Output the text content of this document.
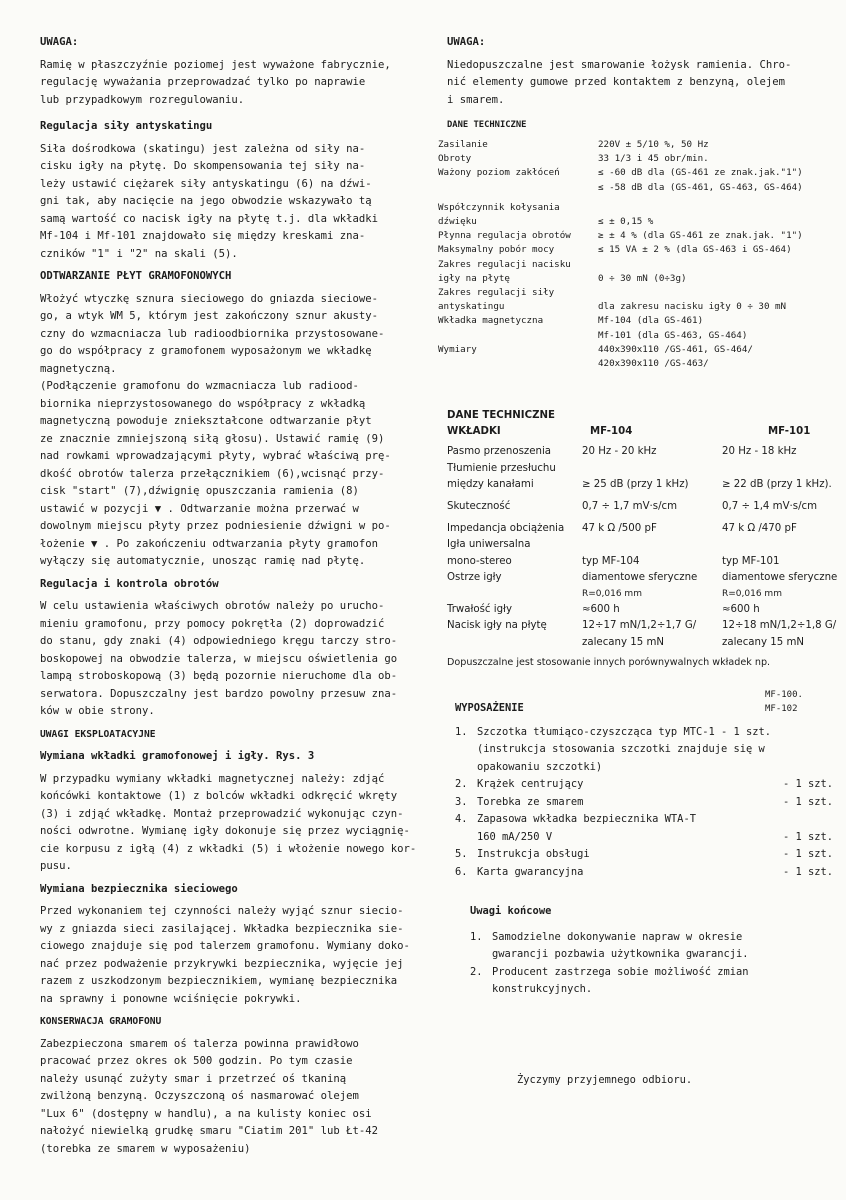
UWAGA:
Ramię w płaszczyźnie poziomej jest wyważone fabrycznie,
regulację wyważania przeprowadzać tylko po naprawie
lub przypadkowym rozregulowaniu.
Regulacja siły antyskatingu
Siła dośrodkowa (skatingu) jest zależna od siły na-
cisku igły na płytę. Do skompensowania tej siły na-
leży ustawić ciężarek siły antyskatingu (6) na dźwi-
gni tak, aby nacięcie na jego obwodzie wskazywało tą
samą wartość co nacisk igły na płytę t.j. dla wkładki
Mf-104 i Mf-101 znajdowało się między kreskami zna-
czników "1" i "2" na skali (5).
ODTWARZANIE PŁYT GRAMOFONOWYCH
Włożyć wtyczkę sznura sieciowego do gniazda sieciowe-
go, a wtyk WM 5, którym jest zakończony sznur akusty-
czny do wzmacniacza lub radioodbiornika przystosowane-
go do współpracy z gramofonem wyposażonym we wkładkę
magnetyczną.
(Podłączenie gramofonu do wzmacniacza lub radiood-
biornika nieprzystosowanego do współpracy z wkładką
magnetyczną powoduje zniekształcone odtwarzanie płyt
ze znacznie zmniejszoną siłą głosu). Ustawić ramię (9)
nad rowkami wprowadzającymi płyty, wybrać właściwą prę-
dkość obrotów talerza przełącznikiem (6),wcisnąć przy-
cisk "start" (7),dźwignię opuszczania ramienia (8)
ustawić w pozycji ▼ . Odtwarzanie można przerwać w
dowolnym miejscu płyty przez podniesienie dźwigni w po-
łożenie ▼ . Po zakończeniu odtwarzania płyty gramofon
wyłączy się automatycznie, unosząc ramię nad płytę.
Regulacja i kontrola obrotów
W celu ustawienia właściwych obrotów należy po urucho-
mieniu gramofonu, przy pomocy pokrętła (2) doprowadzić
do stanu, gdy znaki (4) odpowiedniego kręgu tarczy stro-
boskopowej na obwodzie talerza, w miejscu oświetlenia go
lampą stroboskopową (3) będą pozornie nieruchome dla ob-
serwatora. Dopuszczalny jest bardzo powolny przesuw znа-
ków w obie strony.
UWAGI EKSPLOATACYJNE
Wymiana wkładki gramofonowej i igły. Rys. 3
W przypadku wymiany wkładki magnetycznej należy: zdjąć
końcówki kontaktowe (1) z bolców wkładki odkręcić wkręty
(3) i zdjąć wkładkę. Montaż przeprowadzić wykonując czyn-
ności odwrotne. Wymianę igły dokonuje się przez wyciągnię-
cie korpusu z igłą (4) z wkładki (5) i włożenie nowego kor-
pusu.
Wymiana bezpiecznika sieciowego
Przed wykonaniem tej czynności należy wyjąć sznur siecio-
wy z gniazda sieci zasilającej. Wkładka bezpiecznika sie-
ciowego znajduje się pod talerzem gramofonu. Wymiany doko-
nać przez podważenie przykrywki bezpiecznika, wyjęcie jej
razem z uszkodzonym bezpiecznikiem, wymianę bezpiecznika
na sprawny i ponowne wciśnięcie pokrywki.
KONSERWACJA GRAMOFONU
Zabezpieczona smarem oś talerza powinna prawidłowo
pracować przez okres ok 500 godzin. Po tym czasie
należy usunąć zużyty smar i przetrzeć oś tkaniną
zwilżoną benzyną. Oczyszczoną oś nasmarować olejem
"Lux 6" (dostępny w handlu), a na kulisty koniec osi
nałożyć niewielką grudkę smaru "Ciatim 201" lub Łt-42
(torebka ze smarem w wyposażeniu)
UWAGA:
Niedopuszczalne jest smarowanie łożysk ramienia. Chro-
nić elementy gumowe przed kontaktem z benzyną, olejem
i smarem.
DANE TECHNICZNE
Zasilanie	220V ± 5/10 %, 50 Hz
Obroty	33 1/3 i 45 obr/min.
Ważony poziom zakłóceń	≤ -60 dB dla (GS-461 ze znak.jak."1")
≤ -58 dB dla (GS-461, GS-463, GS-464)
Współczynnik kołysania
dźwięku	≤ ± 0,15 %
Płynna regulacja obrotów	≥ ± 4 % (dla GS-461 ze znak.jak. "1")
Maksymalny pobór mocy	≤ 15 VA ± 2 % (dla GS-463 i GS-464)
Zakres regulacji nacisku
igły na płytę	0 ÷ 30 mN (0÷3g)
Zakres regulacji siły
antyskatingu	dla zakresu nacisku igły 0 ÷ 30 mN
Wkładka magnetyczna	Mf-104 (dla GS-461)
Mf-101 (dla GS-463, GS-464)
Wymiary	440x390x110 /GS-461, GS-464/
420x390x110 /GS-463/
DANE TECHNICZNE
WKŁADKI	MF-104	MF-101
Pasmo przenoszenia	20 Hz - 20 kHz	20 Hz - 18 kHz
Tłumienie przesłuchu
między kanałami	≥ 25 dB (przy 1 kHz)	≥ 22 dB (przy 1 kHz).
Skuteczność	0,7 ÷ 1,7 mV·s/cm	0,7 ÷ 1,4 mV·s/cm
Impedancja obciążenia	47 k Ω /500 pF	47 k Ω /470 pF
Igła uniwersalna
mono-stereo	typ MF-104	typ MF-101
Ostrze igły	diamentowe sferyczne	diamentowe sferyczne
R=0,016 mm	R=0,016 mm
Trwałość igły	≈600 h	≈600 h
Nacisk igły na płytę	12÷17 mN/1,2÷1,7 G/	12÷18 mN/1,2÷1,8 G/
zalecany 15 mN	zalecany 15 mN
Dopuszczalne jest stosowanie innych porównywalnych wkładek np.
MF-100.
MF-102
WYPOSAŻENIE
1. Szczotka tłumiąco-czyszcząca typ MTC-1 - 1 szt.
(instrukcja stosowania szczotki znajduje się w
opakowaniu szczotki)
2. Krążek centrujący	- 1 szt.
3. Torebka ze smarem	- 1 szt.
4. Zapasowa wkładka bezpiecznika WTA-T
160 mA/250 V	- 1 szt.
5. Instrukcja obsługi	- 1 szt.
6. Karta gwarancyjna	- 1 szt.
Uwagi końcowe
1. Samodzielne dokonywanie napraw w okresie
gwarancji pozbawia użytkownika gwarancji.
2. Producent zastrzega sobie możliwość zmian
konstrukcyjnych.
Życzymy przyjemnego odbioru.
